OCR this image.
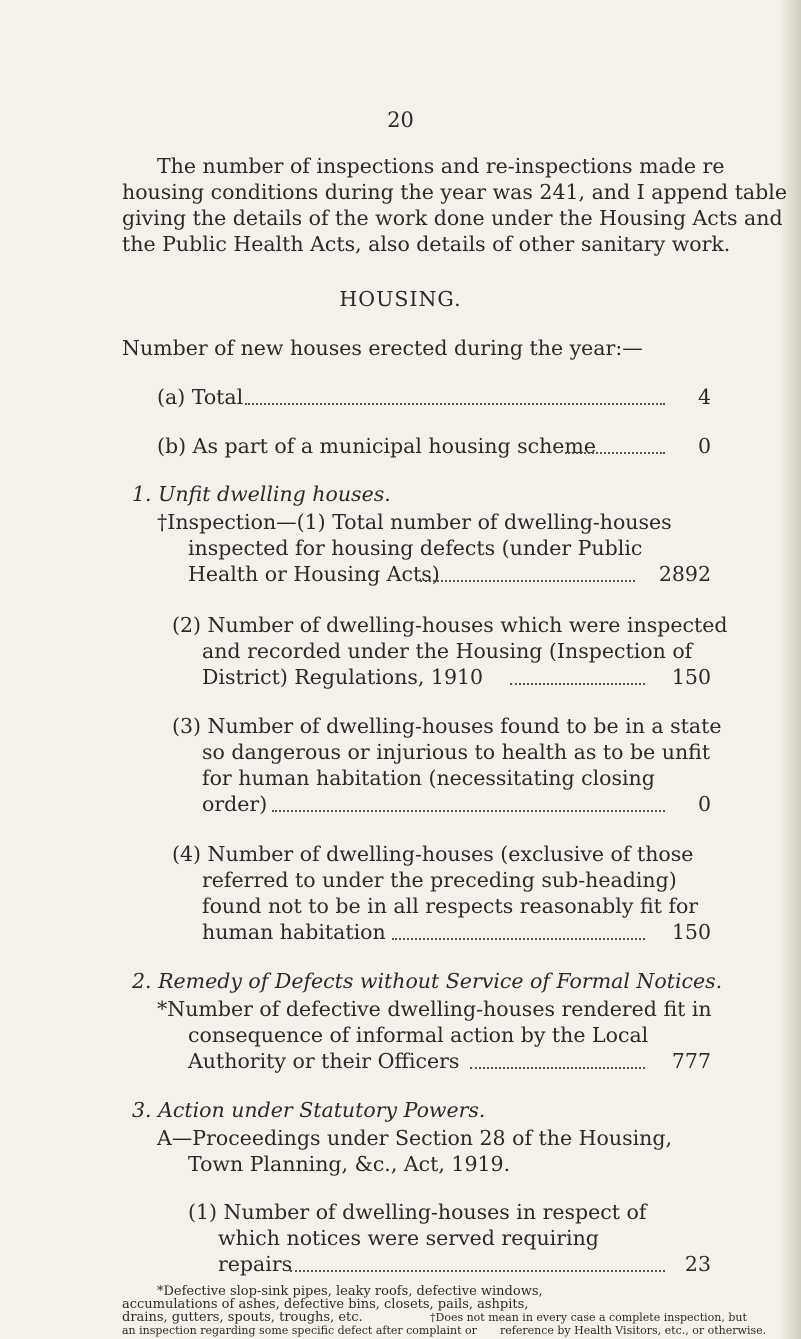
20
The number of inspections and re-inspections made re
housing conditions during the year was 241, and I append table
giving the details of the work done under the Housing Acts and
the Public Health Acts, also details of other sanitary work.
HOUSING.
Number of new houses erected during the year:—
(a) Total	4
(b) As part of a municipal housing scheme	0
1. Unfit dwelling houses.
†Inspection—(1) Total number of dwelling-houses
inspected for housing defects (under Public
Health or Housing Acts)	2892
(2) Number of dwelling-houses which were inspected
and recorded under the Housing (Inspection of
District) Regulations, 1910	150
(3) Number of dwelling-houses found to be in a state
so dangerous or injurious to health as to be unfit
for human habitation (necessitating closing
order)	0
(4) Number of dwelling-houses (exclusive of those
referred to under the preceding sub-heading)
found not to be in all respects reasonably fit for
human habitation	150
2. Remedy of Defects without Service of Formal Notices.
*Number of defective dwelling-houses rendered fit in
consequence of informal action by the Local
Authority or their Officers	777
3. Action under Statutory Powers.
A—Proceedings under Section 28 of the Housing,
Town Planning, &c., Act, 1919.
(1) Number of dwelling-houses in respect of
which notices were served requiring
repairs	23
*Defective slop-sink pipes, leaky roofs, defective windows,
accumulations of ashes, defective bins, closets, pails, ashpits,
drains, gutters, spouts, troughs, etc.	†Does not mean in every case a complete inspection, but
an inspection regarding some specific defect after complaint or reference by Health Visitors, etc., or otherwise.
